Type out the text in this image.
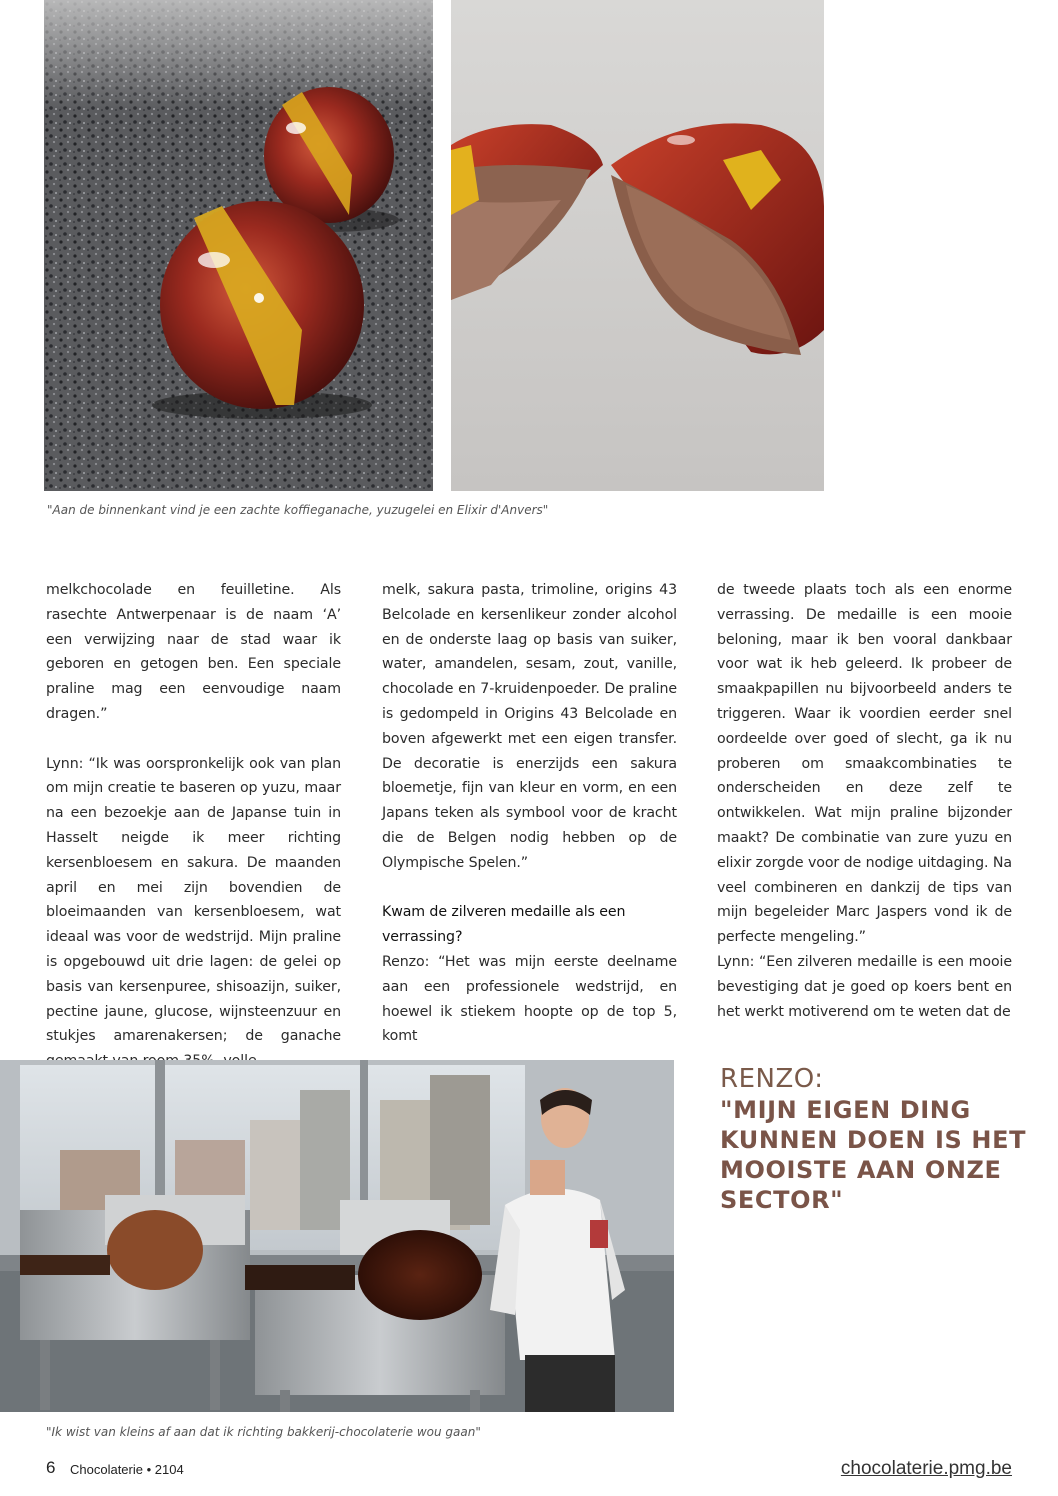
"Aan de binnenkant vind je een zachte koffieganache, yuzugelei en Elixir d'Anvers"

melkchocolade en feuilletine. Als rasechte Antwerpenaar is de naam ‘A’ een verwijzing naar de stad waar ik geboren en getogen ben. Een speciale praline mag een eenvoudige naam dragen.”

Lynn: “Ik was oorspronkelijk ook van plan om mijn creatie te baseren op yuzu, maar na een bezoekje aan de Japanse tuin in Hasselt neigde ik meer richting kersenbloesem en sakura. De maanden april en mei zijn bovendien de bloeimaanden van kersenbloesem, wat ideaal was voor de wedstrijd. Mijn praline is opgebouwd uit drie lagen: de gelei op basis van kersenpuree, shisoazijn, suiker, pectine jaune, glucose, wijnsteenzuur en stukjes amarenakersen; de ganache

melk, sakura pasta, trimoline, origins 43 Belcolade en kersenlikeur zonder alcohol en de onderste laag op basis van suiker, water, amandelen, sesam, zout, vanille, chocolade en 7-kruidenpoeder. De praline is gedompeld in Origins 43 Belcolade en boven afgewerkt met een eigen transfer. De decoratie is enerzijds een sakura bloemetje, fijn van kleur en vorm, en een Japans teken als symbool voor de kracht die de Belgen nodig hebben op de Olympische Spelen.”

Kwam de zilveren medaille als een verrassing?

Renzo: “Het was mijn eerste deelname aan een professionele wedstrijd, en hoewel ik stiekem hoopte op de top 5, komt

de tweede plaats toch als een enorme verrassing. De medaille is een mooie beloning, maar ik ben vooral dankbaar voor wat ik heb geleerd. Ik probeer de smaakpapillen nu bijvoorbeeld anders te triggeren. Waar ik voordien eerder snel oordeelde over goed of slecht, ga ik nu proberen om smaakcombinaties te onderscheiden en deze zelf te ontwikkelen. Wat mijn praline bijzonder maakt? De combinatie van zure yuzu en elixir zorgde voor de nodige uitdaging. Na veel combineren en dankzij de tips van mijn begeleider Marc Jaspers vond ik de perfecte mengeling.”

Lynn: “Een zilveren medaille is een mooie bevestiging dat je goed op koers bent en het werkt motiverend om te weten dat de

RENZO:
"MIJN EIGEN DING KUNNEN DOEN IS HET MOOISTE AAN ONZE SECTOR"
"Ik wist van kleins af aan dat ik richting bakkerij-chocolaterie wou gaan"
6 Chocolaterie • 2104	chocolaterie.pmg.be
